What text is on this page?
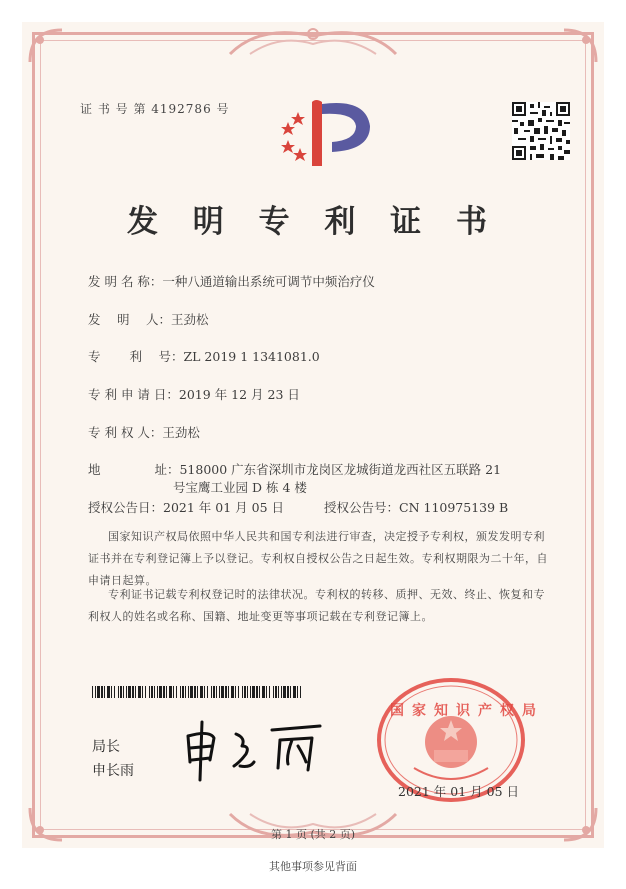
证 书 号 第 4192786 号
发 明 专 利 证 书
发 明 名 称：一种八通道输出系统可调节中频治疗仪
发　 明　 人：王劲松
专　　 利　 号：ZL 2019 1 1341081.0
专 利 申 请 日：2019 年 12 月 23 日
专 利 权 人：王劲松
地　　　　 址：518000 广东省深圳市龙岗区龙城街道龙西社区五联路 21
号宝鹰工业园 D 栋 4 楼
授权公告日：2021 年 01 月 05 日	授权公告号：CN 110975139 B
国家知识产权局依照中华人民共和国专利法进行审查，决定授予专利权，颁发发明专利
证书并在专利登记簿上予以登记。专利权自授权公告之日起生效。专利权期限为二十年，自
申请日起算。
专利证书记载专利权登记时的法律状况。专利权的转移、质押、无效、终止、恢复和专
利权人的姓名或名称、国籍、地址变更等事项记载在专利登记簿上。
局长
申长雨
国家知识产权局
2021 年 01 月 05 日
第 1 页 (共 2 页)
其他事项参见背面
